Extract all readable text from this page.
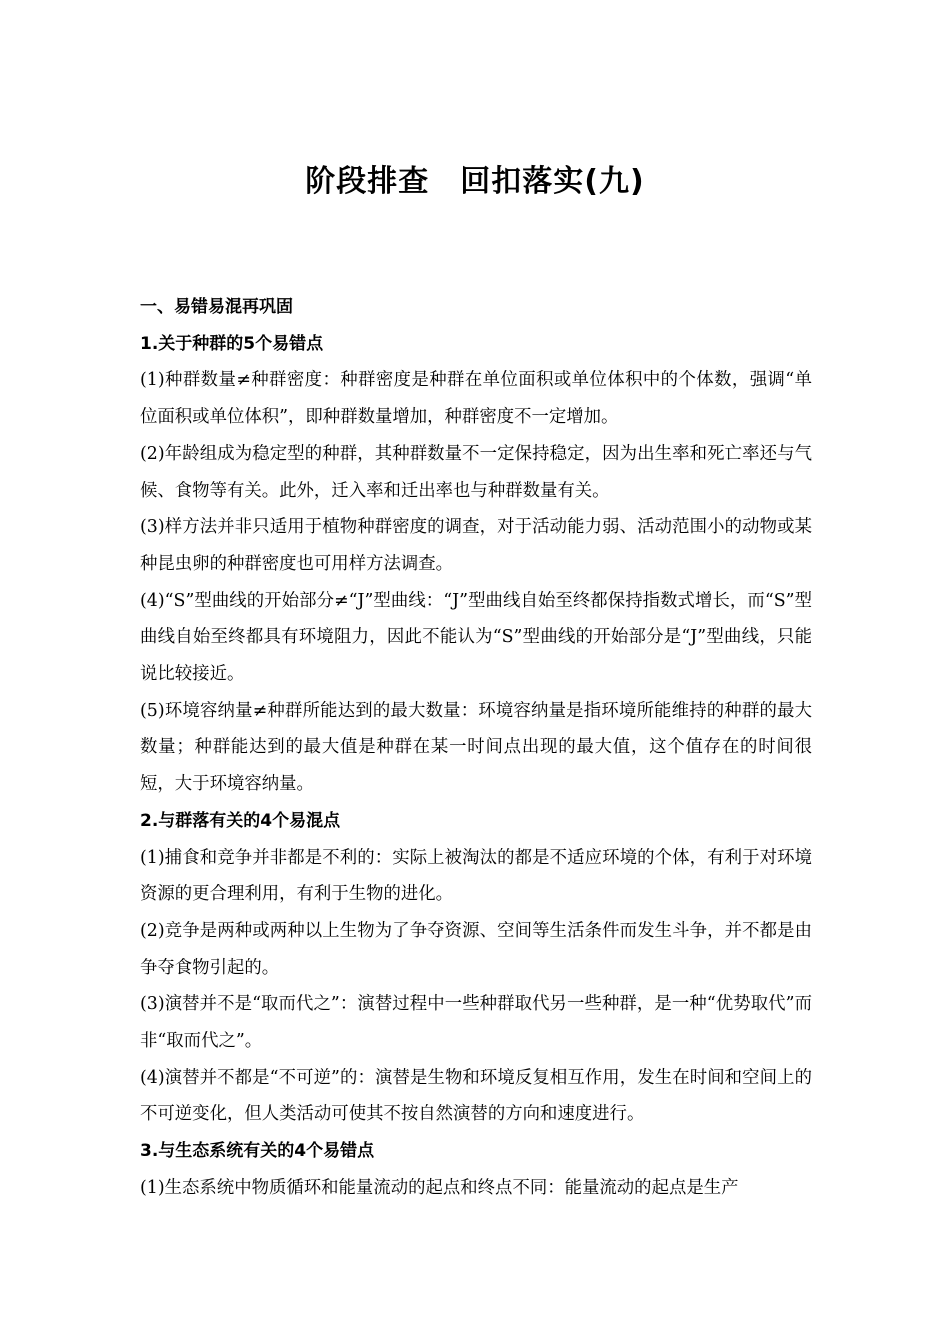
阶段排查　回扣落实(九)
一、易错易混再巩固
1.关于种群的5个易错点

(1)种群数量≠种群密度：种群密度是种群在单位面积或单位体积中的个体数，强调“单位面积或单位体积”，即种群数量增加，种群密度不一定增加。

(2)年龄组成为稳定型的种群，其种群数量不一定保持稳定，因为出生率和死亡率还与气候、食物等有关。此外，迁入率和迁出率也与种群数量有关。

(3)样方法并非只适用于植物种群密度的调查，对于活动能力弱、活动范围小的动物或某种昆虫卵的种群密度也可用样方法调查。

(4)“S”型曲线的开始部分≠“J”型曲线：“J”型曲线自始至终都保持指数式增长，而“S”型曲线自始至终都具有环境阻力，因此不能认为“S”型曲线的开始部分是“J”型曲线，只能说比较接近。

(5)环境容纳量≠种群所能达到的最大数量：环境容纳量是指环境所能维持的种群的最大数量；种群能达到的最大值是种群在某一时间点出现的最大值，这个值存在的时间很短，大于环境容纳量。

2.与群落有关的4个易混点

(1)捕食和竞争并非都是不利的：实际上被淘汰的都是不适应环境的个体，有利于对环境资源的更合理利用，有利于生物的进化。

(2)竞争是两种或两种以上生物为了争夺资源、空间等生活条件而发生斗争，并不都是由争夺食物引起的。

(3)演替并不是“取而代之”：演替过程中一些种群取代另一些种群，是一种“优势取代”而非“取而代之”。

(4)演替并不都是“不可逆”的：演替是生物和环境反复相互作用，发生在时间和空间上的不可逆变化，但人类活动可使其不按自然演替的方向和速度进行。

3.与生态系统有关的4个易错点

(1)生态系统中物质循环和能量流动的起点和终点不同：能量流动的起点是生产
